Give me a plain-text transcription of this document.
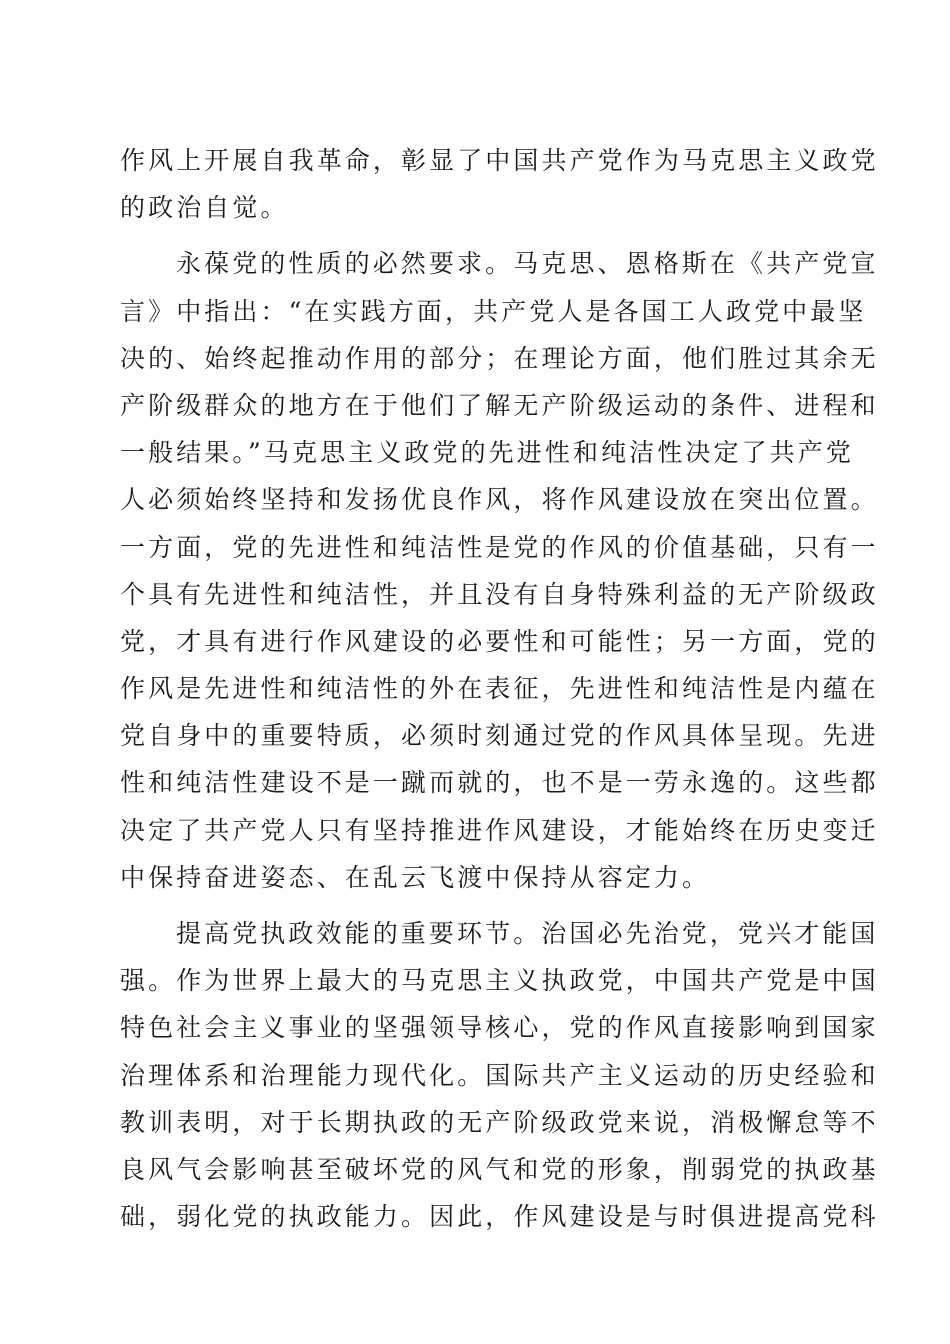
作风上开展自我革命，彰显了中国共产党作为马克思主义政党
的政治自觉。
永葆党的性质的必然要求。马克思、恩格斯在《共产党宣
言》中指出：“在实践方面，共产党人是各国工人政党中最坚
决的、始终起推动作用的部分；在理论方面，他们胜过其余无
产阶级群众的地方在于他们了解无产阶级运动的条件、进程和
一般结果。”马克思主义政党的先进性和纯洁性决定了共产党
人必须始终坚持和发扬优良作风，将作风建设放在突出位置。
一方面，党的先进性和纯洁性是党的作风的价值基础，只有一
个具有先进性和纯洁性，并且没有自身特殊利益的无产阶级政
党，才具有进行作风建设的必要性和可能性；另一方面，党的
作风是先进性和纯洁性的外在表征，先进性和纯洁性是内蕴在
党自身中的重要特质，必须时刻通过党的作风具体呈现。先进
性和纯洁性建设不是一蹴而就的，也不是一劳永逸的。这些都
决定了共产党人只有坚持推进作风建设，才能始终在历史变迁
中保持奋进姿态、在乱云飞渡中保持从容定力。
提高党执政效能的重要环节。治国必先治党，党兴才能国
强。作为世界上最大的马克思主义执政党，中国共产党是中国
特色社会主义事业的坚强领导核心，党的作风直接影响到国家
治理体系和治理能力现代化。国际共产主义运动的历史经验和
教训表明，对于长期执政的无产阶级政党来说，消极懈怠等不
良风气会影响甚至破坏党的风气和党的形象，削弱党的执政基
础，弱化党的执政能力。因此，作风建设是与时俱进提高党科
